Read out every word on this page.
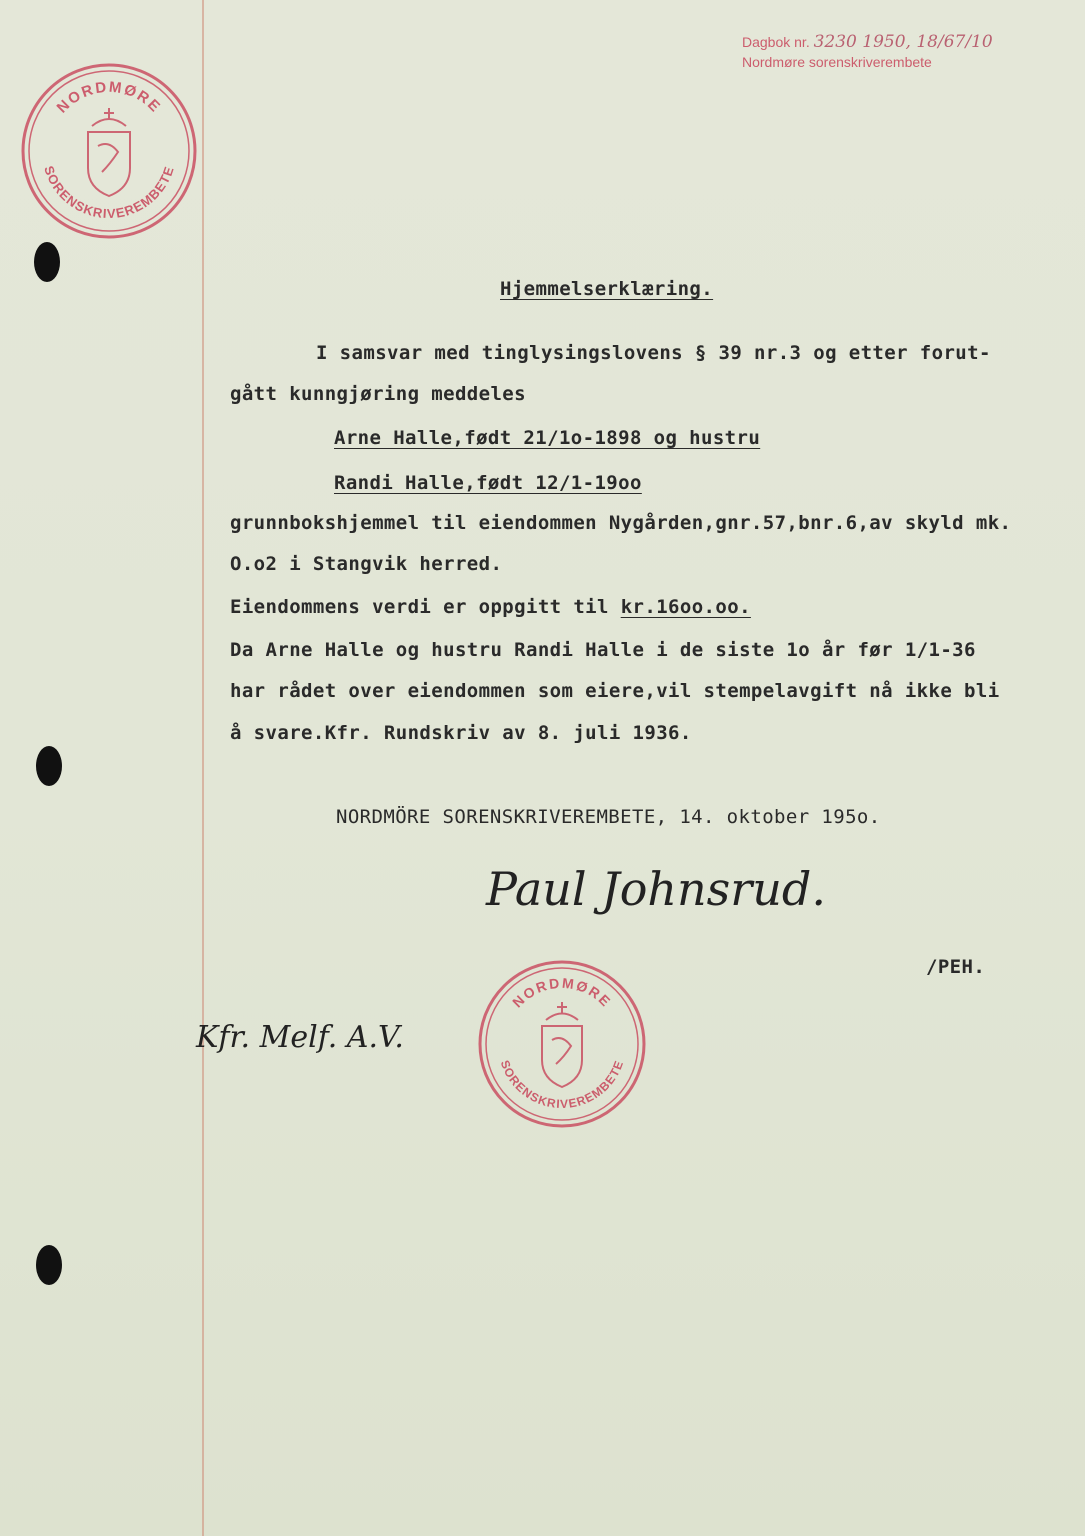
Dagbok nr. 3230 1950, 18/67/10
Nordmøre sorenskriverembete
NORDMØRE
SORENSKRIVEREMBETE
NORDMØRE
SORENSKRIVEREMBETE
Hjemmelserklæring.
I samsvar med tinglysingslovens § 39 nr.3 og etter forut-
gått kunngjøring meddeles
Arne Halle,født 21/1o-1898 og hustru
Randi Halle,født 12/1-19oo
grunnbokshjemmel til eiendommen Nygården,gnr.57,bnr.6,av skyld mk.
O.o2 i Stangvik herred.
Eiendommens verdi er oppgitt til kr.16oo.oo.
Da Arne Halle og hustru Randi Halle i de siste 1o år før 1/1-36
har rådet over eiendommen som eiere,vil stempelavgift nå ikke bli
å svare.Kfr. Rundskriv av 8. juli 1936.
NORDMÖRE SORENSKRIVEREMBETE, 14. oktober 195o.
Paul Johnsrud.
/PEH.
Kfr. Melf. A.V.
